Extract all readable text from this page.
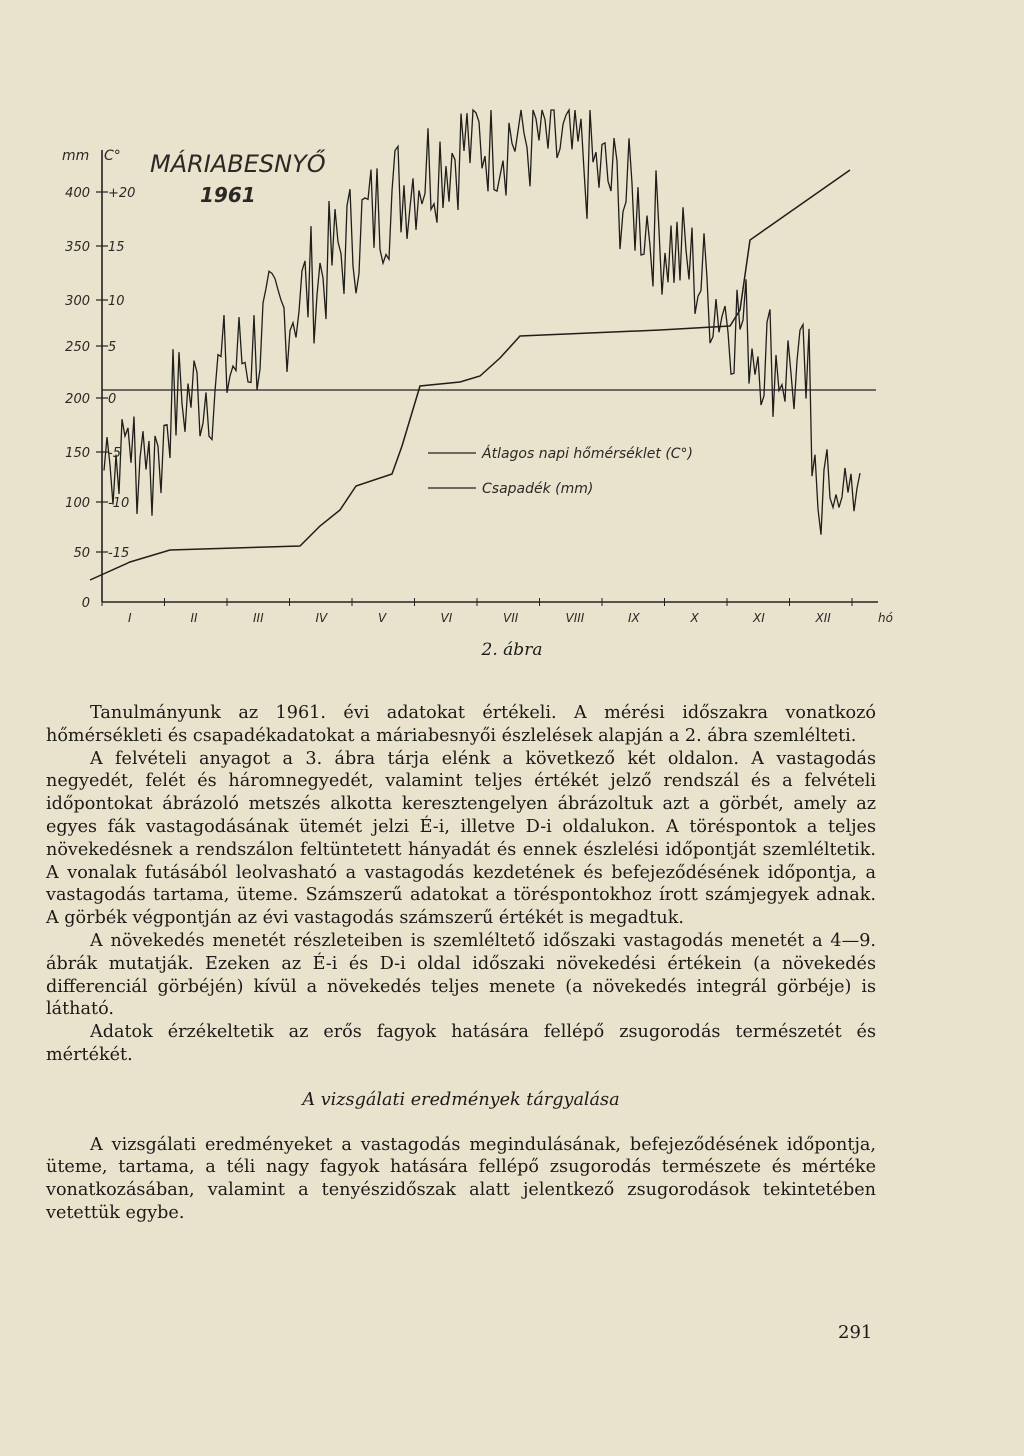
400
350
300
250
200
150
100
50
0
+20
15
10
5
0
-5
-10
-15
I	II	III	IV	V	VI	VII	VIII	IX	X	XI	XII	hó
mm C° MÁRIABESNYŐ
1961
Átlagos napi hőmérséklet (C°)
Csapadék (mm)
2. ábra

Tanulmányunk az 1961. évi adatokat értékeli. A mérési időszakra vonatkozó hőmérsékleti és csapadékadatokat a máriabesnyői észlelések alapján a 2. ábra szemlélteti.

A felvételi anyagot a 3. ábra tárja elénk a következő két oldalon. A vastagodás negyedét, felét és háromnegyedét, valamint teljes értékét jelző rendszál és a felvételi időpontokat ábrázoló metszés alkotta keresztengelyen ábrázoltuk azt a görbét, amely az egyes fák vastagodásának ütemét jelzi É-i, illetve D-i oldalukon. A töréspontok a teljes növekedésnek a rendszálon feltüntetett hányadát és ennek észlelési időpontját szemléltetik. A vonalak futásából leolvasható a vastagodás kezdetének és befejeződésének időpontja, a vastagodás tartama, üteme. Számszerű adatokat a töréspontokhoz írott számjegyek adnak. A görbék végpontján az évi vastagodás számszerű értékét is megadtuk.

A növekedés menetét részleteiben is szemléltető időszaki vastagodás menetét a 4—9. ábrák mutatják. Ezeken az É-i és D-i oldal időszaki növekedési értékein (a növekedés differenciál görbéjén) kívül a növekedés teljes menete (a növekedés integrál görbéje) is látható.

Adatok érzékeltetik az erős fagyok hatására fellépő zsugorodás természetét és mértékét.

A vizsgálati eredmények tárgyalása

A vizsgálati eredményeket a vastagodás megindulásának, befejeződésének időpontja, üteme, tartama, a téli nagy fagyok hatására fellépő zsugorodás természete és mértéke vonatkozásában, valamint a tenyészidőszak alatt jelentkező zsugorodások tekintetében vetettük egybe.

291
